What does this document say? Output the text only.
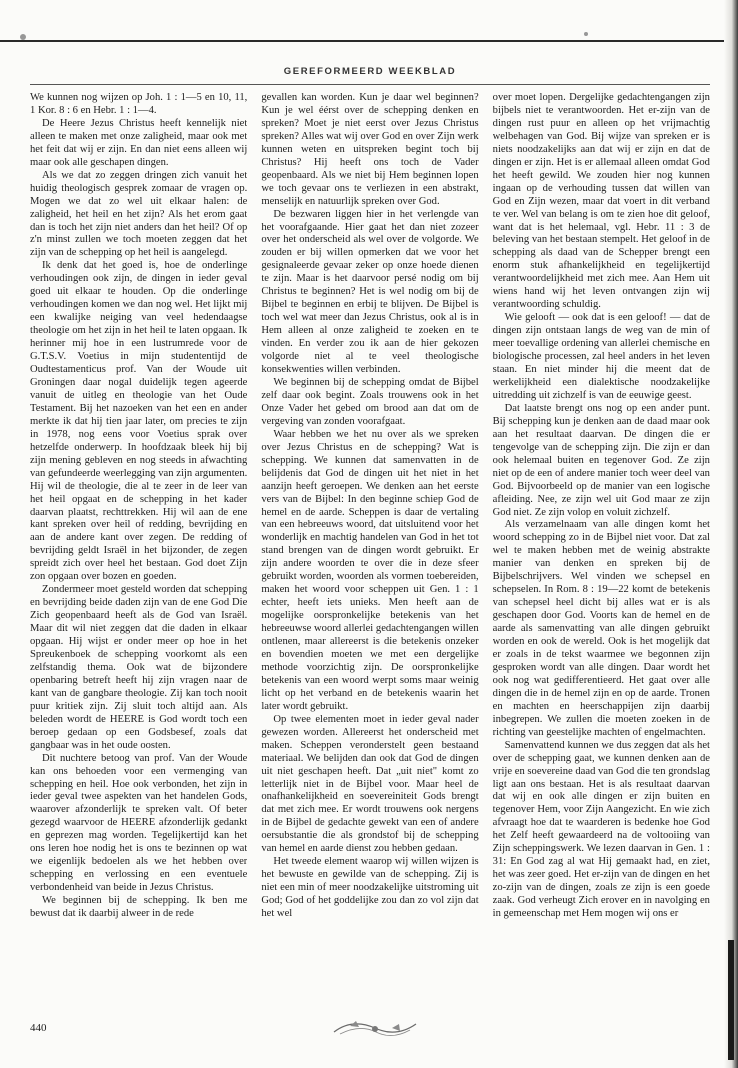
GEREFORMEERD WEEKBLAD

We kunnen nog wijzen op Joh. 1 : 1—5 en 10, 11, 1 Kor. 8 : 6 en Hebr. 1 : 1—4.

De Heere Jezus Christus heeft kennelijk niet alleen te maken met onze zaligheid, maar ook met het feit dat wij er zijn. En dan niet eens alleen wij maar ook alle geschapen dingen.

Als we dat zo zeggen dringen zich vanuit het huidig theologisch gesprek zomaar de vragen op. Mogen we dat zo wel uit elkaar halen: de zaligheid, het heil en het zijn? Als het erom gaat dan is toch het zijn niet anders dan het heil? Of op z'n minst zullen we toch moeten zeggen dat het zijn van de schepping op het heil is aangelegd.

Ik denk dat het goed is, hoe de onderlinge verhoudingen ook zijn, de dingen in ieder geval goed uit elkaar te houden. Op die onderlinge verhoudingen komen we dan nog wel. Het lijkt mij een kwalijke neiging van veel hedendaagse theologie om het zijn in het heil te laten opgaan. Ik herinner mij hoe in een lustrumrede voor de G.T.S.V. Voetius in mijn studententijd de Oudtestamenticus prof. Van der Woude uit Groningen daar nogal duidelijk tegen ageerde vanuit de uitleg en theologie van het Oude Testament. Bij het nazoeken van het een en ander merkte ik dat hij tien jaar later, om precies te zijn in 1978, nog eens voor Voetius sprak over hetzelfde onderwerp. In hoofdzaak bleek hij bij zijn mening gebleven en nog steeds in afwachting van gefundeerde weerlegging van zijn argumenten. Hij wil de theologie, die al te zeer in de leer van het heil opgaat en de schepping in het kader daarvan plaatst, rechttrekken. Hij wil aan de ene kant spreken over heil of redding, bevrijding en aan de andere kant over zegen. De redding of bevrijding geldt Israël in het bijzonder, de zegen spreidt zich over heel het bestaan. God doet Zijn zon opgaan over bozen en goeden.

Zondermeer moet gesteld worden dat schepping en bevrijding beide daden zijn van de ene God Die Zich geopenbaard heeft als de God van Israël. Maar dit wil niet zeggen dat die daden in elkaar opgaan. Hij wijst er onder meer op hoe in het Spreukenboek de schepping voorkomt als een zelfstandig thema. Ook wat de bijzondere openbaring betreft heeft hij zijn vragen naar de kant van de gangbare theologie. Zij kan toch nooit puur kritiek zijn. Zij sluit toch altijd aan. Als beleden wordt de HEERE is God wordt toch een beroep gedaan op een Godsbesef, zoals dat gangbaar was in het oude oosten.

Dit nuchtere betoog van prof. Van der Woude kan ons behoeden voor een vermenging van schepping en heil. Hoe ook verbonden, het zijn in ieder geval twee aspekten van het handelen Gods, waarover afzonderlijk te spreken valt. Of beter gezegd waarvoor de HEERE afzonderlijk gedankt en geprezen mag worden. Tegelijkertijd kan het ons leren hoe nodig het is ons te bezinnen op wat we eigenlijk bedoelen als we het hebben over schepping en verlossing en een eventuele verbondenheid van beide in Jezus Christus.

We beginnen bij de schepping. Ik ben me bewust dat ik daarbij alweer in de rede

gevallen kan worden. Kun je daar wel beginnen? Kun je wel éérst over de schepping denken en spreken? Moet je niet eerst over Jezus Christus spreken? Alles wat wij over God en over Zijn werk kunnen weten en uitspreken begint toch bij Christus? Hij heeft ons toch de Vader geopenbaard. Als we niet bij Hem beginnen lopen we toch gevaar ons te verliezen in een abstrakt, menselijk en natuurlijk spreken over God.

De bezwaren liggen hier in het verlengde van het voorafgaande. Hier gaat het dan niet zozeer over het onderscheid als wel over de volgorde. We zouden er bij willen opmerken dat we voor het gesignaleerde gevaar zeker op onze hoede dienen te zijn. Maar is het daarvoor persé nodig om bij Christus te beginnen? Het is wel nodig om bij de Bijbel te beginnen en erbij te blijven. De Bijbel is toch wel wat meer dan Jezus Christus, ook al is in Hem alleen al onze zaligheid te zoeken en te vinden. En verder zou ik aan de hier gekozen volgorde niet al te veel theologische konsekwenties willen verbinden.

We beginnen bij de schepping omdat de Bijbel zelf daar ook begint. Zoals trouwens ook in het Onze Vader het gebed om brood aan dat om de vergeving van zonden voorafgaat.

Waar hebben we het nu over als we spreken over Jezus Christus en de schepping? Wat is schepping. We kunnen dat samenvatten in de belijdenis dat God de dingen uit het niet in het aanzijn heeft geroepen. We denken aan het eerste vers van de Bijbel: In den beginne schiep God de hemel en de aarde. Scheppen is daar de vertaling van een hebreeuws woord, dat uitsluitend voor het wonderlijk en machtig handelen van God in het tot stand brengen van de dingen wordt gebruikt. Er zijn andere woorden te over die in deze sfeer gebruikt worden, woorden als vormen toebereiden, maken het woord voor scheppen uit Gen. 1 : 1 echter, heeft iets unieks. Men heeft aan de mogelijke oorspronkelijke betekenis van het hebreeuwse woord allerlei gedachtengangen willen ontlenen, maar allereerst is die betekenis onzeker en bovendien moeten we met een dergelijke methode voorzichtig zijn. De oorspronkelijke betekenis van een woord werpt soms maar weinig licht op het verband en de betekenis waarin het later wordt gebruikt.

Op twee elementen moet in ieder geval nader gewezen worden. Allereerst het onderscheid met maken. Scheppen veronderstelt geen bestaand materiaal. We belijden dan ook dat God de dingen uit niet geschapen heeft. Dat „uit niet" komt zo letterlijk niet in de Bijbel voor. Maar heel de onafhankelijkheid en soevereiniteit Gods brengt dat met zich mee. Er wordt trouwens ook nergens in de Bijbel de gedachte gewekt van een of andere oersubstantie die als grondstof bij de schepping van hemel en aarde dienst zou hebben gedaan.

Het tweede element waarop wij willen wijzen is het bewuste en gewilde van de schepping. Zij is niet een min of meer noodzakelijke uitstroming uit God; God of het goddelijke zou dan zo vol zijn dat het wel

over moet lopen. Dergelijke gedachtengangen zijn bijbels niet te verantwoorden. Het er-zijn van de dingen rust puur en alleen op het vrijmachtig welbehagen van God. Bij wijze van spreken er is niets noodzakelijks aan dat wij er zijn en dat de dingen er zijn. Het is er allemaal alleen omdat God het heeft gewild. We zouden hier nog kunnen ingaan op de verhouding tussen dat willen van God en Zijn wezen, maar dat voert in dit verband te ver. Wel van belang is om te zien hoe dit geloof, want dat is het helemaal, vgl. Hebr. 11 : 3 de beleving van het bestaan stempelt. Het geloof in de schepping als daad van de Schepper brengt een enorm stuk afhankelijkheid en tegelijkertijd verantwoordelijkheid met zich mee. Aan Hem uit wiens hand wij het leven ontvangen zijn wij verantwoording schuldig.

Wie gelooft — ook dat is een geloof! — dat de dingen zijn ontstaan langs de weg van de min of meer toevallige ordening van allerlei chemische en biologische processen, zal heel anders in het leven staan. En niet minder hij die meent dat de werkelijkheid een dialektische noodzakelijke uitredding uit zichzelf is van de eeuwige geest.

Dat laatste brengt ons nog op een ander punt. Bij schepping kun je denken aan de daad maar ook aan het resultaat daarvan. De dingen die er tengevolge van de schepping zijn. Die zijn er dan ook helemaal buiten en tegenover God. Ze zijn niet op de een of andere manier toch weer deel van God. Bijvoorbeeld op de manier van een logische afleiding. Nee, ze zijn wel uit God maar ze zijn God niet. Ze zijn volop en voluit zichzelf.

Als verzamelnaam van alle dingen komt het woord schepping zo in de Bijbel niet voor. Dat zal wel te maken hebben met de weinig abstrakte manier van denken en spreken bij de Bijbelschrijvers. Wel vinden we schepsel en schepselen. In Rom. 8 : 19—22 komt de betekenis van schepsel heel dicht bij alles wat er is als geschapen door God. Voorts kan de hemel en de aarde als samenvatting van alle dingen gebruikt worden en ook de wereld. Ook is het mogelijk dat er zoals in de tekst waarmee we begonnen zijn gesproken wordt van alle dingen. Daar wordt het ook nog wat gedifferentieerd. Het gaat over alle dingen die in de hemel zijn en op de aarde. Tronen en machten en heerschappijen zijn daarbij inbegrepen. We zullen die moeten zoeken in de richting van geestelijke machten of engelmachten.

Samenvattend kunnen we dus zeggen dat als het over de schepping gaat, we kunnen denken aan de vrije en soevereine daad van God die ten grondslag ligt aan ons bestaan. Het is als resultaat daarvan dat wij en ook alle dingen er zijn buiten en tegenover Hem, voor Zijn Aangezicht. En wie zich afvraagt hoe dat te waarderen is bedenke hoe God het Zelf heeft gewaardeerd na de voltooiing van Zijn scheppingswerk. We lezen daarvan in Gen. 1 : 31: En God zag al wat Hij gemaakt had, en ziet, het was zeer goed. Het er-zijn van de dingen en het zo-zijn van de dingen, zoals ze zijn is een goede zaak. God verheugt Zich erover en in navolging en in gemeenschap met Hem mogen wij ons er

440
